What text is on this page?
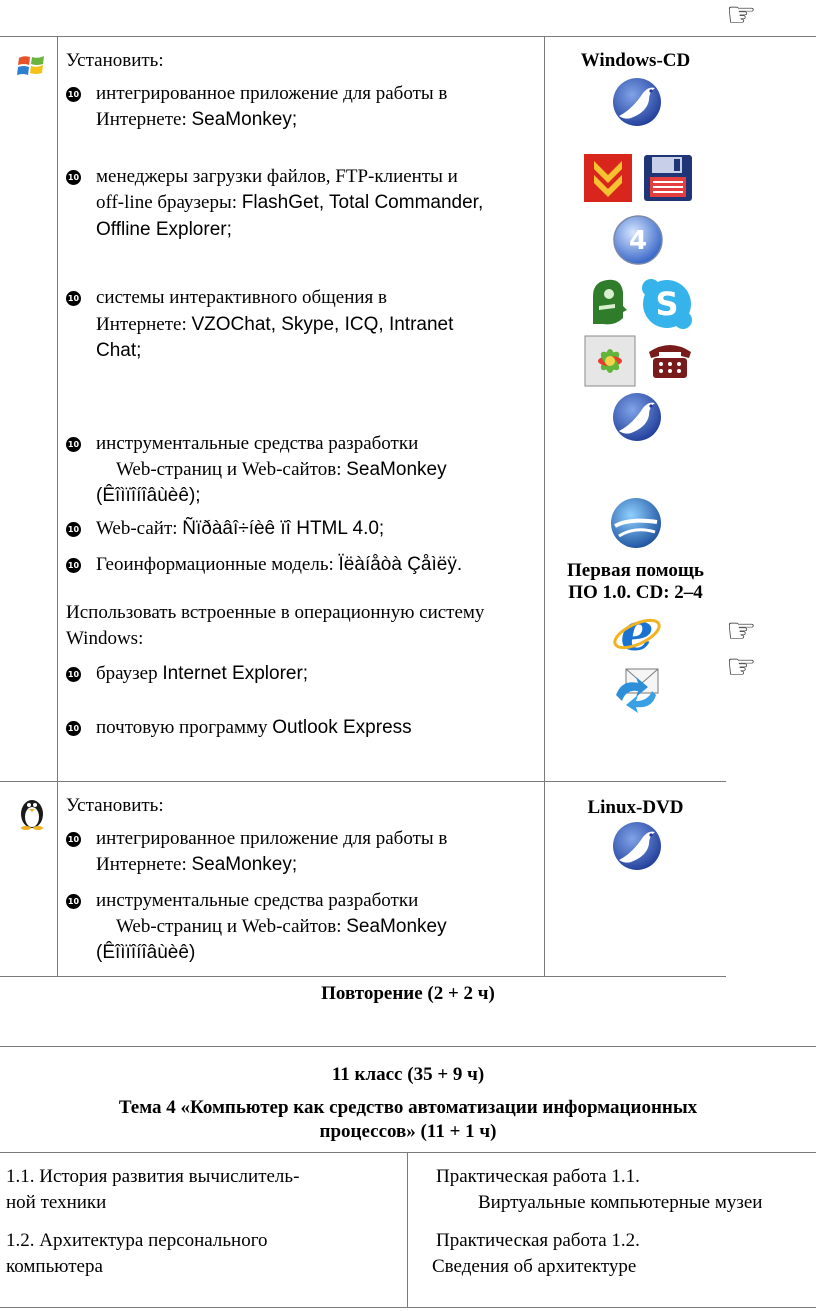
☞
☞
☞
Установить:
10 интегрированное приложение для работы в
Интернете: SeaMonkey;
10 менеджеры загрузки файлов, FTP-клиенты и
off-line браузеры: FlashGet, Total Commander,
Offline Explorer;
10 системы интерактивного общения в
Интернете: VZOChat, Skype, ICQ, Intranet
Chat;
10 инструментальные средства разработки
Web-страниц и Web-сайтов: SeaMonkey
(Êîìïîíîâùèê);
10 Web-сайт: Ñïðàâî÷íèê ïî HTML 4.0;
10 Геоинформационные модель: Ïëàíåòà Çåìëÿ.
Использовать встроенные в операционную систему
Windows:
10 браузер Internet Explorer;
10 почтовую программу Outlook Express
Windows-CD
4
S
Первая помощь
ПО 1.0. CD: 2–4
e
Установить:
10 интегрированное приложение для работы в
Интернете: SeaMonkey;
10 инструментальные средства разработки
Web-страниц и Web-сайтов: SeaMonkey
(Êîìïîíîâùèê)
Linux-DVD
Повторение (2 + 2 ч)
11 класс (35 + 9 ч)
Тема 4 «Компьютер как средство автоматизации информационных
процессов» (11 + 1 ч)
1.1. История развития вычислитель-
ной техники
Практическая работа 1.1.
Виртуальные компьютерные музеи
1.2. Архитектура персонального
компьютера
Практическая работа 1.2.
Сведения об архитектуре
